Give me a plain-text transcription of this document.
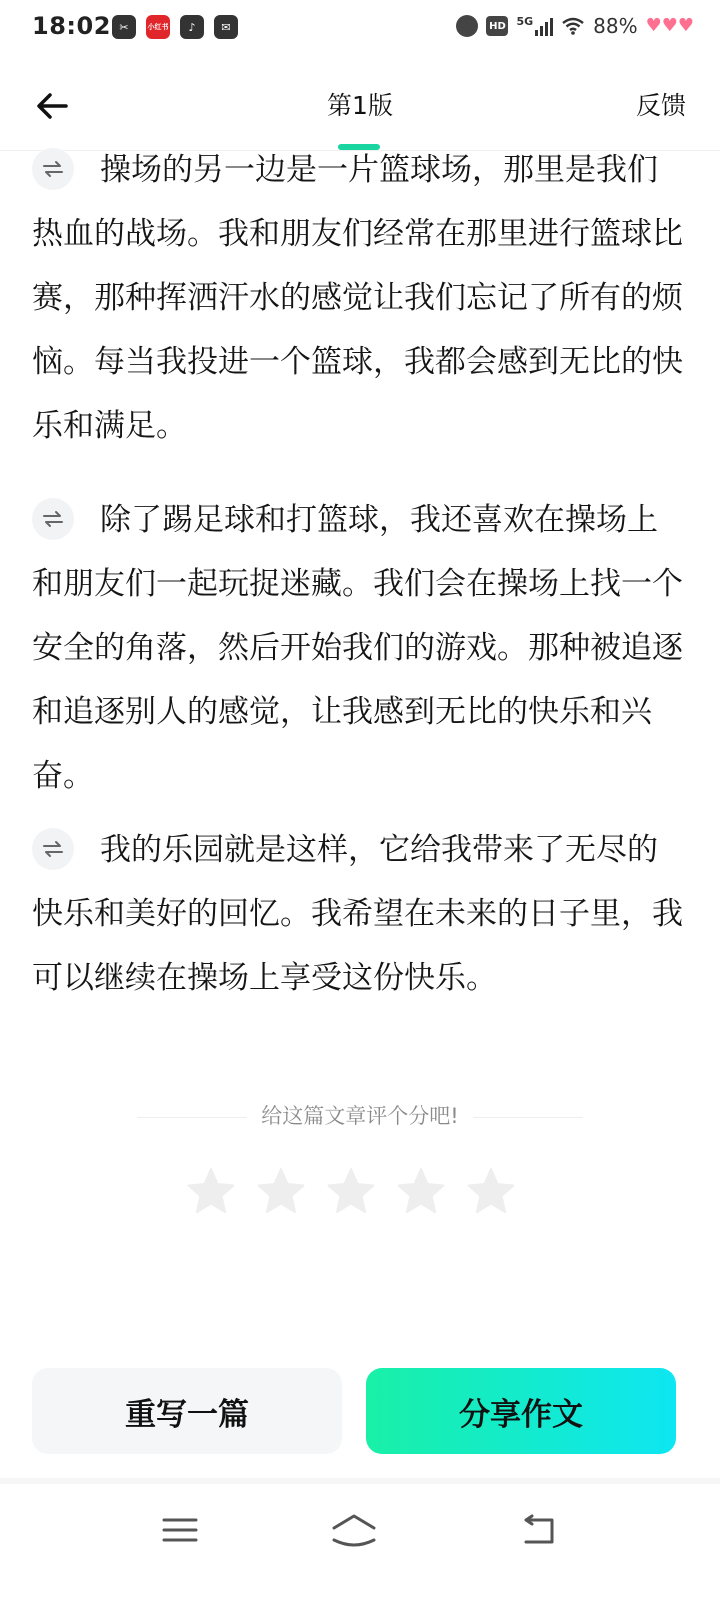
18:02 ✂	小红书	♪	✉	HD 5G	88% ♥ ♥ ♥
第1版	反馈
操场的另一边是一片篮球场，那里是我们热血的战场。我和朋友们经常在那里进行篮球比赛，那种挥洒汗水的感觉让我们忘记了所有的烦恼。每当我投进一个篮球，我都会感到无比的快乐和满足。
除了踢足球和打篮球，我还喜欢在操场上和朋友们一起玩捉迷藏。我们会在操场上找一个安全的角落，然后开始我们的游戏。那种被追逐和追逐别人的感觉，让我感到无比的快乐和兴奋。
我的乐园就是这样，它给我带来了无尽的快乐和美好的回忆。我希望在未来的日子里，我可以继续在操场上享受这份快乐。
给这篇文章评个分吧!
重写一篇	分享作文
